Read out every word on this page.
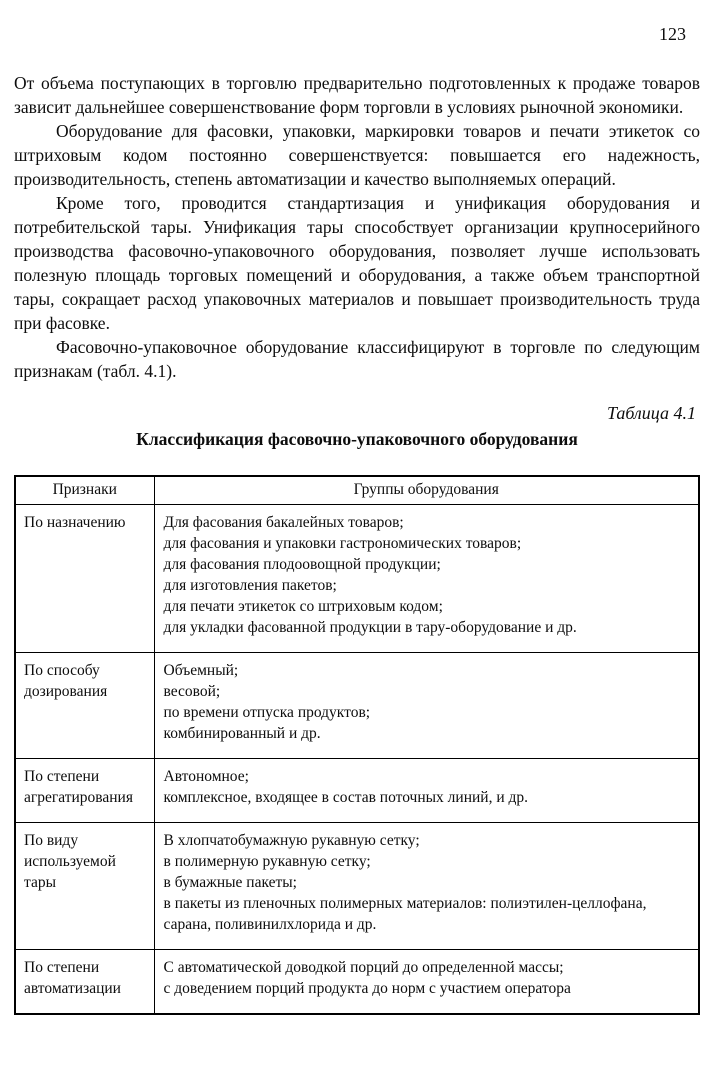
123

От объема поступающих в торговлю предварительно подготовленных к продаже товаров зависит дальнейшее совершенствование форм торговли в условиях рыночной экономики.

Оборудование для фасовки, упаковки, маркировки товаров и печати этикеток со штриховым кодом постоянно совершенствуется: повышается его надежность, производительность, степень автоматизации и качество выполняемых операций.

Кроме того, проводится стандартизация и унификация оборудования и потребительской тары. Унификация тары способствует организации крупносерийного производства фасовочно-упаковочного оборудования, позволяет лучше использовать полезную площадь торговых помещений и оборудования, а также объем транспортной тары, сокращает расход упаковочных материалов и повышает производительность труда при фасовке.

Фасовочно-упаковочное оборудование классифицируют в торговле по следующим признакам (табл. 4.1).

Таблица 4.1
Классификация фасовочно-упаковочного оборудования
Признаки	Группы оборудования
По назначению	Для фасования бакалейных товаров;
для фасования и упаковки гастрономических товаров;
для фасования плодоовощной продукции;
для изготовления пакетов;
для печати этикеток со штриховым кодом;
для укладки фасованной продукции в тару-оборудование и др.

По способу дозирования	Объемный;
весовой;
по времени отпуска продуктов;
комбинированный и др.

По степени агрегатирования	Автономное;
комплексное, входящее в состав поточных линий, и др.

По виду используемой тары	В хлопчатобумажную рукавную сетку;
в полимерную рукавную сетку;
в бумажные пакеты;
в пакеты из пленочных полимерных материалов: полиэтилен-целлофана, сарана, поливинилхлорида и др.

По степени автоматизации	С автоматической доводкой порций до определенной массы;
с доведением порций продукта до норм с участием оператора
